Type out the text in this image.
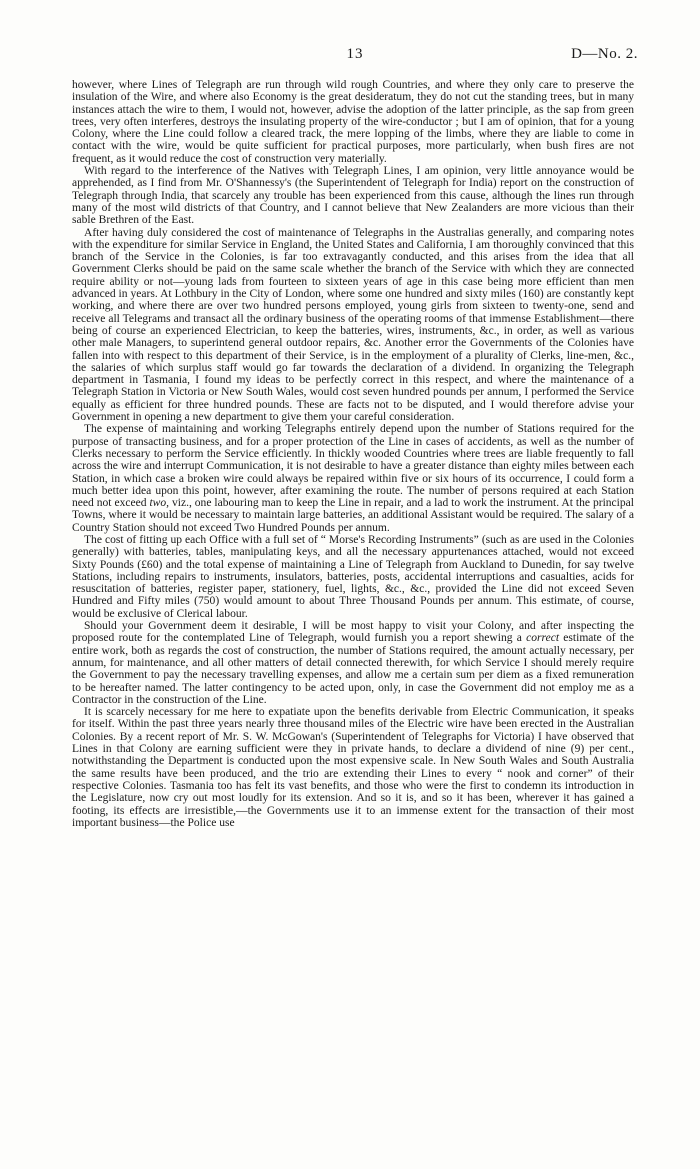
13	D—No. 2.

however, where Lines of Telegraph are run through wild rough Countries, and where they only care to preserve the insulation of the Wire, and where also Economy is the great desideratum, they do not cut the standing trees, but in many instances attach the wire to them, I would not, however, advise the adoption of the latter principle, as the sap from green trees, very often interferes, destroys the insulating property of the wire-conductor ; but I am of opinion, that for a young Colony, where the Line could follow a cleared track, the mere lopping of the limbs, where they are liable to come in contact with the wire, would be quite sufficient for practical purposes, more particularly, when bush fires are not frequent, as it would reduce the cost of construction very materially.

With regard to the interference of the Natives with Telegraph Lines, I am opinion, very little annoyance would be apprehended, as I find from Mr. O'Shannessy's (the Superintendent of Telegraph for India) report on the construction of Telegraph through India, that scarcely any trouble has been experienced from this cause, although the lines run through many of the most wild districts of that Country, and I cannot believe that New Zealanders are more vicious than their sable Brethren of the East.

After having duly considered the cost of maintenance of Telegraphs in the Australias generally, and comparing notes with the expenditure for similar Service in England, the United States and California, I am thoroughly convinced that this branch of the Service in the Colonies, is far too extravagantly conducted, and this arises from the idea that all Government Clerks should be paid on the same scale whether the branch of the Service with which they are connected require ability or not—young lads from fourteen to sixteen years of age in this case being more efficient than men advanced in years. At Lothbury in the City of London, where some one hundred and sixty miles (160) are constantly kept working, and where there are over two hundred persons employed, young girls from sixteen to twenty-one, send and receive all Telegrams and transact all the ordinary business of the operating rooms of that immense Establishment—there being of course an experienced Electrician, to keep the batteries, wires, instruments, &c., in order, as well as various other male Managers, to superintend general outdoor repairs, &c. Another error the Governments of the Colonies have fallen into with respect to this department of their Service, is in the employment of a plurality of Clerks, line-men, &c., the salaries of which surplus staff would go far towards the declaration of a dividend. In organizing the Telegraph department in Tasmania, I found my ideas to be perfectly correct in this respect, and where the maintenance of a Telegraph Station in Victoria or New South Wales, would cost seven hundred pounds per annum, I performed the Service equally as efficient for three hundred pounds. These are facts not to be disputed, and I would therefore advise your Government in opening a new department to give them your careful consideration.

The expense of maintaining and working Telegraphs entirely depend upon the number of Stations required for the purpose of transacting business, and for a proper protection of the Line in cases of accidents, as well as the number of Clerks necessary to perform the Service efficiently. In thickly wooded Countries where trees are liable frequently to fall across the wire and interrupt Communication, it is not desirable to have a greater distance than eighty miles between each Station, in which case a broken wire could always be repaired within five or six hours of its occurrence, I could form a much better idea upon this point, however, after examining the route. The number of persons required at each Station need not exceed two, viz., one labouring man to keep the Line in repair, and a lad to work the instrument. At the principal Towns, where it would be necessary to maintain large batteries, an additional Assistant would be required. The salary of a Country Station should not exceed Two Hundred Pounds per annum.

The cost of fitting up each Office with a full set of “ Morse's Recording Instruments” (such as are used in the Colonies generally) with batteries, tables, manipulating keys, and all the necessary appurtenances attached, would not exceed Sixty Pounds (£60) and the total expense of maintaining a Line of Telegraph from Auckland to Dunedin, for say twelve Stations, including repairs to instruments, insulators, batteries, posts, accidental interruptions and casualties, acids for resuscitation of batteries, register paper, stationery, fuel, lights, &c., &c., provided the Line did not exceed Seven Hundred and Fifty miles (750) would amount to about Three Thousand Pounds per annum. This estimate, of course, would be exclusive of Clerical labour.

Should your Government deem it desirable, I will be most happy to visit your Colony, and after inspecting the proposed route for the contemplated Line of Telegraph, would furnish you a report shewing a correct estimate of the entire work, both as regards the cost of construction, the number of Stations required, the amount actually necessary, per annum, for maintenance, and all other matters of detail connected therewith, for which Service I should merely require the Government to pay the necessary travelling expenses, and allow me a certain sum per diem as a fixed remuneration to be hereafter named. The latter contingency to be acted upon, only, in case the Government did not employ me as a Contractor in the construction of the Line.

It is scarcely necessary for me here to expatiate upon the benefits derivable from Electric Communication, it speaks for itself. Within the past three years nearly three thousand miles of the Electric wire have been erected in the Australian Colonies. By a recent report of Mr. S. W. McGowan's (Superintendent of Telegraphs for Victoria) I have observed that Lines in that Colony are earning sufficient were they in private hands, to declare a dividend of nine (9) per cent., notwithstanding the Department is conducted upon the most expensive scale. In New South Wales and South Australia the same results have been produced, and the trio are extending their Lines to every “ nook and corner” of their respective Colonies. Tasmania too has felt its vast benefits, and those who were the first to condemn its introduction in the Legislature, now cry out most loudly for its extension. And so it is, and so it has been, wherever it has gained a footing, its effects are irresistible,—the Governments use it to an immense extent for the transaction of their most important business—the Police use
